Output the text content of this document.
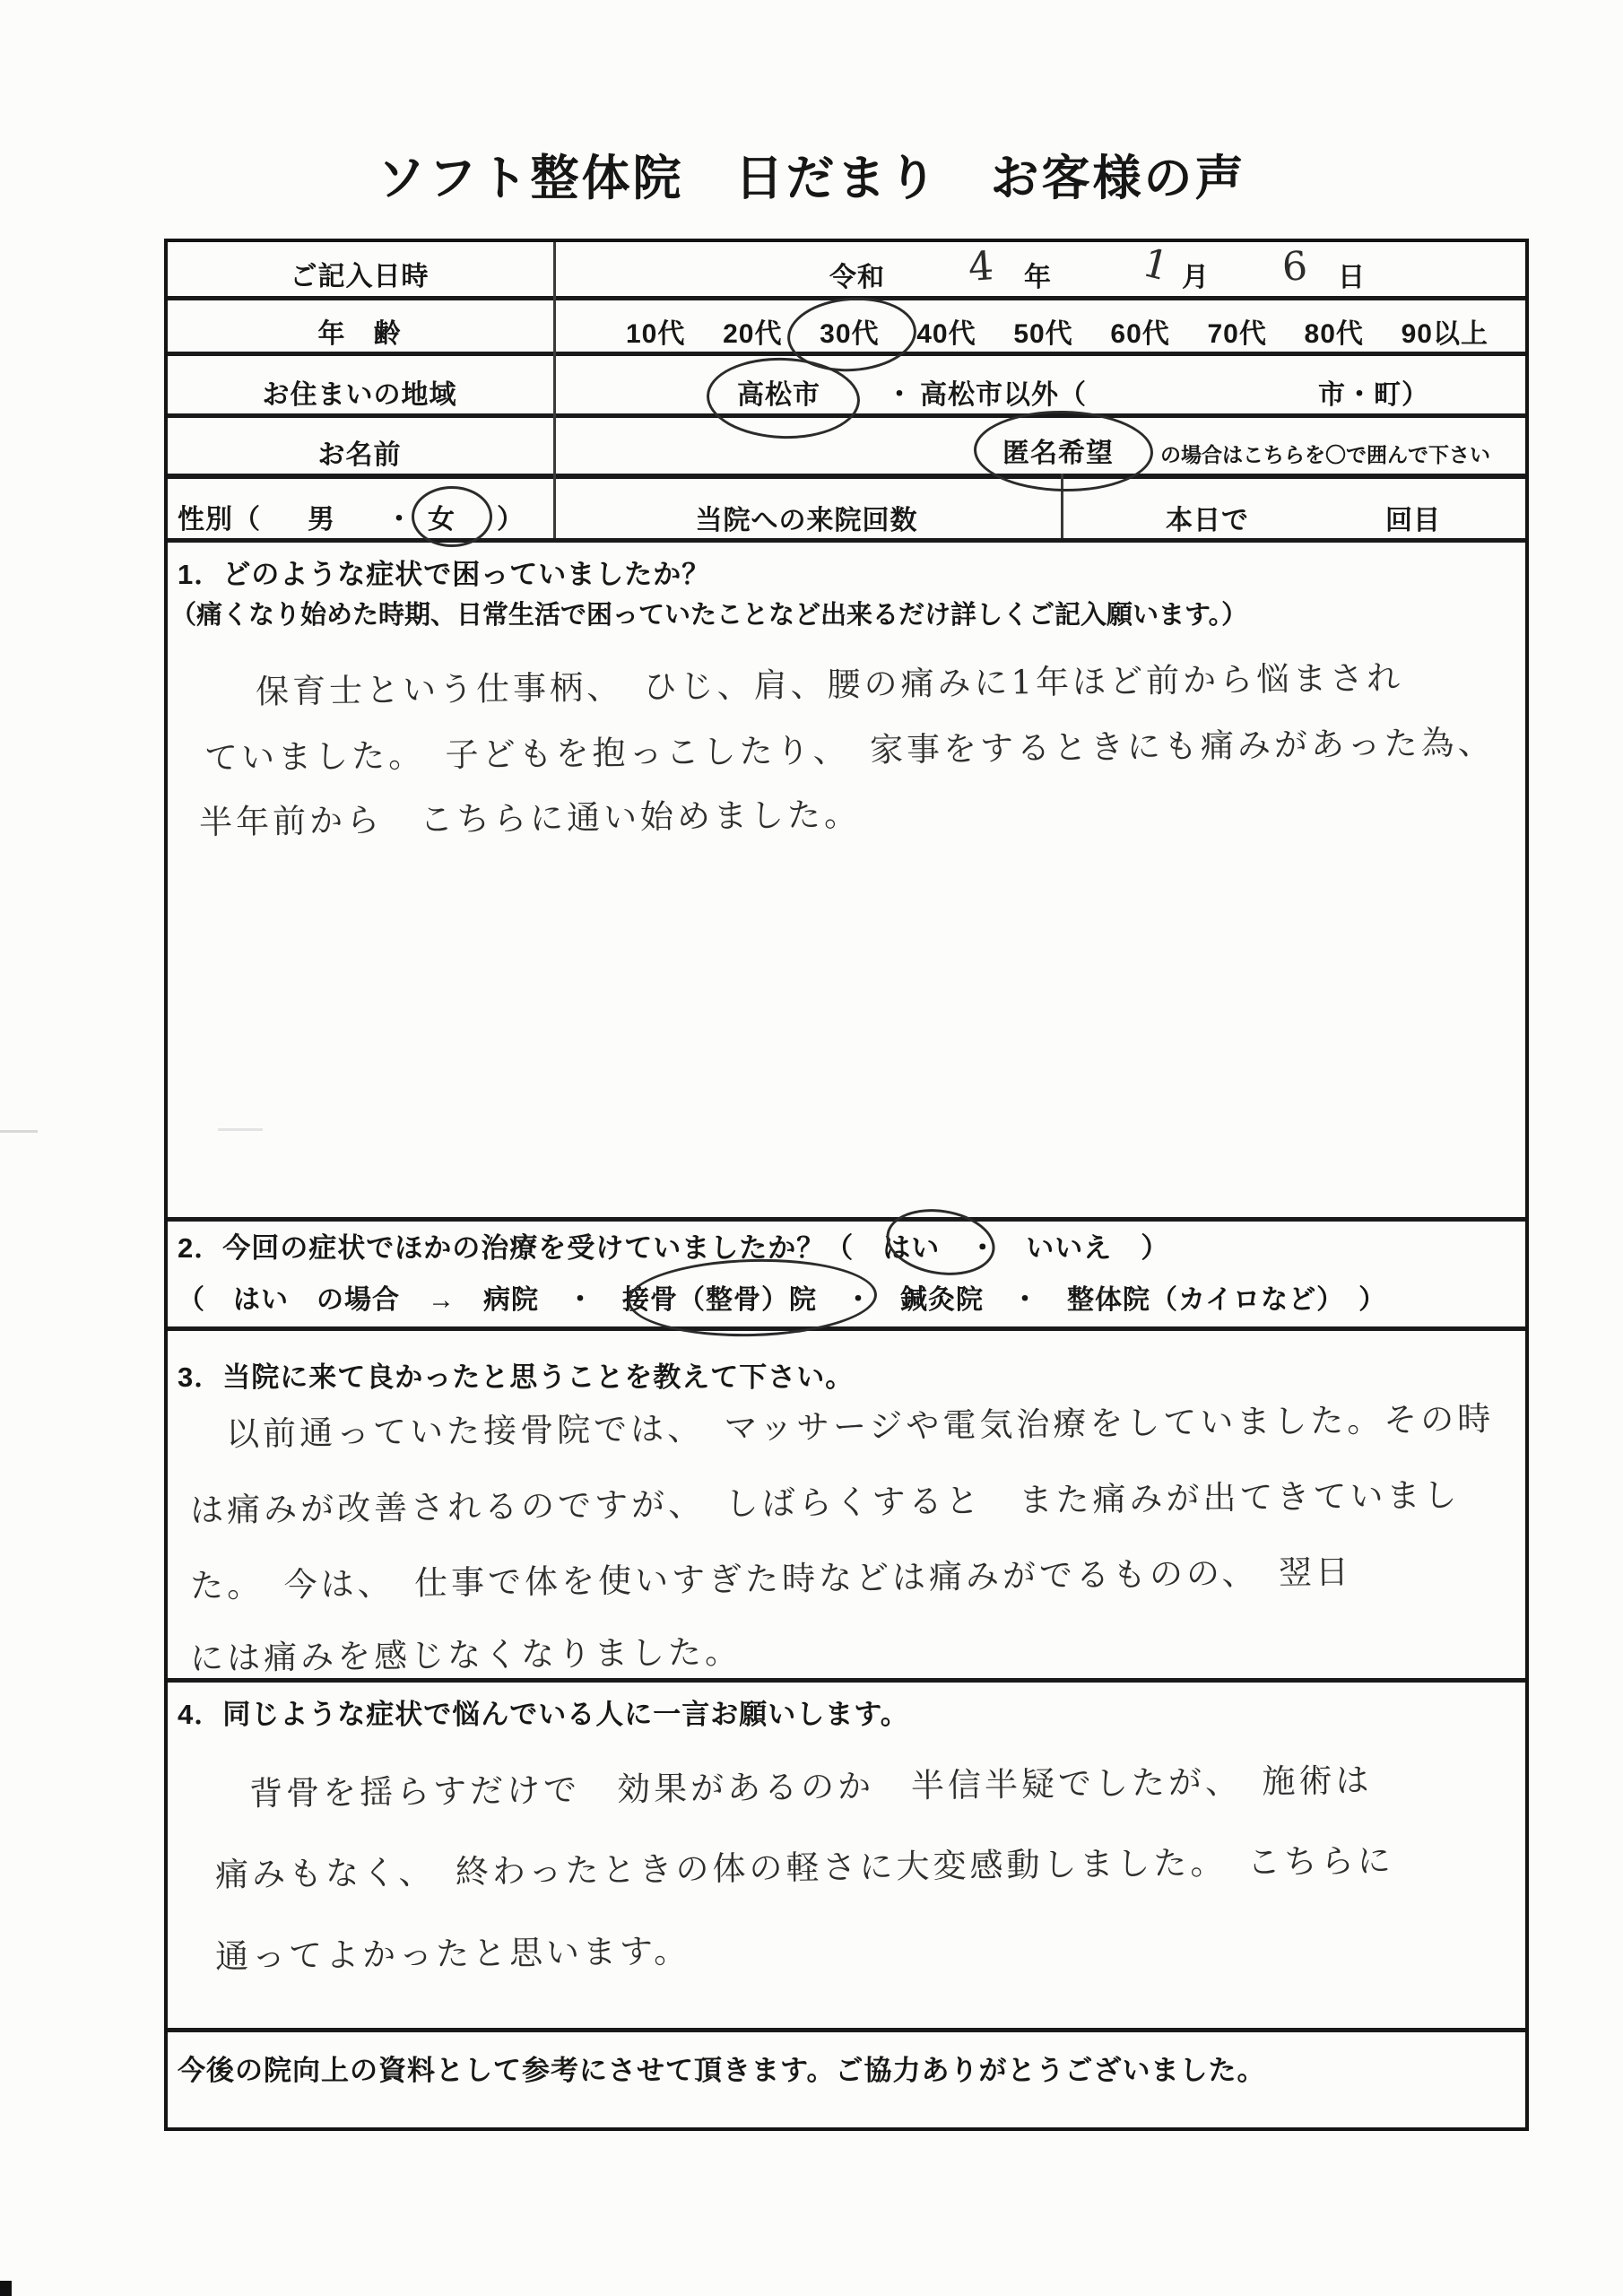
ソフト整体院　日だまり　お客様の声
ご記入日時	令和 4 年 1 月 6 日
年　齢	10代 20代 30代 40代 50代 60代 70代 80代 90以上
お住まいの地域	高松市 ・ 高松市以外（	市・町）
お名前	匿名希望 の場合はこちらを〇で囲んで下さい
性別（ 男 ・ 女 ）	当院への来院回数	本日で	回目
1．どのような症状で困っていましたか？
（痛くなり始めた時期、日常生活で困っていたことなど出来るだけ詳しくご記入願います。）
保育士という仕事柄、　ひじ、肩、腰の痛みに1年ほど前から悩まされ
ていました。　子どもを抱っこしたり、　家事をするときにも痛みがあった為、
半年前から　こちらに通い始めました。
2．今回の症状でほかの治療を受けていましたか？（　はい　・　いいえ　）
（　はい　の場合　→　病院　・　接骨（整骨）院　・　鍼灸院　・　整体院（カイロなど）　）
3．当院に来て良かったと思うことを教えて下さい。
以前通っていた接骨院では、　マッサージや電気治療をしていました。その時
は痛みが改善されるのですが、　しばらくすると　また痛みが出てきていまし
た。　今は、　仕事で体を使いすぎた時などは痛みがでるものの、　翌日
には痛みを感じなくなりました。
4．同じような症状で悩んでいる人に一言お願いします。
背骨を揺らすだけで　効果があるのか　半信半疑でしたが、　施術は
痛みもなく、　終わったときの体の軽さに大変感動しました。　こちらに
通ってよかったと思います。
今後の院向上の資料として参考にさせて頂きます。ご協力ありがとうございました。
